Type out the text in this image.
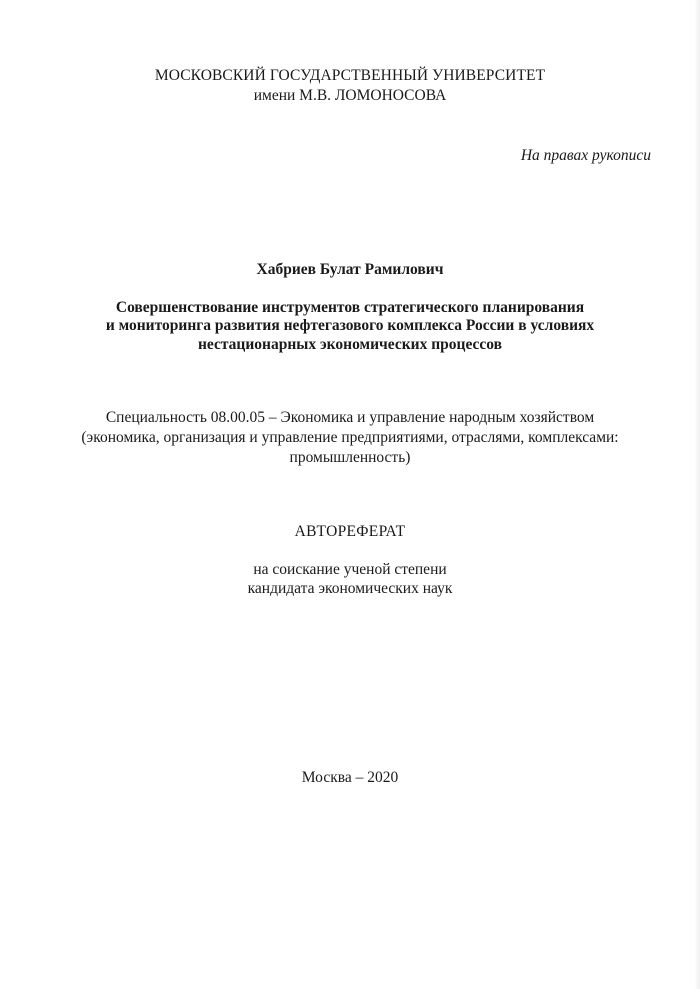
МОСКОВСКИЙ ГОСУДАРСТВЕННЫЙ УНИВЕРСИТЕТ
имени М.В. ЛОМОНОСОВА
На правах рукописи
Хабриев Булат Рамилович
Совершенствование инструментов стратегического планирования
и мониторинга развития нефтегазового комплекса России в условиях
нестационарных экономических процессов
Специальность 08.00.05 – Экономика и управление народным хозяйством
(экономика, организация и управление предприятиями, отраслями, комплексами:
промышленность)
АВТОРЕФЕРАТ
на соискание ученой степени
кандидата экономических наук
Москва – 2020
